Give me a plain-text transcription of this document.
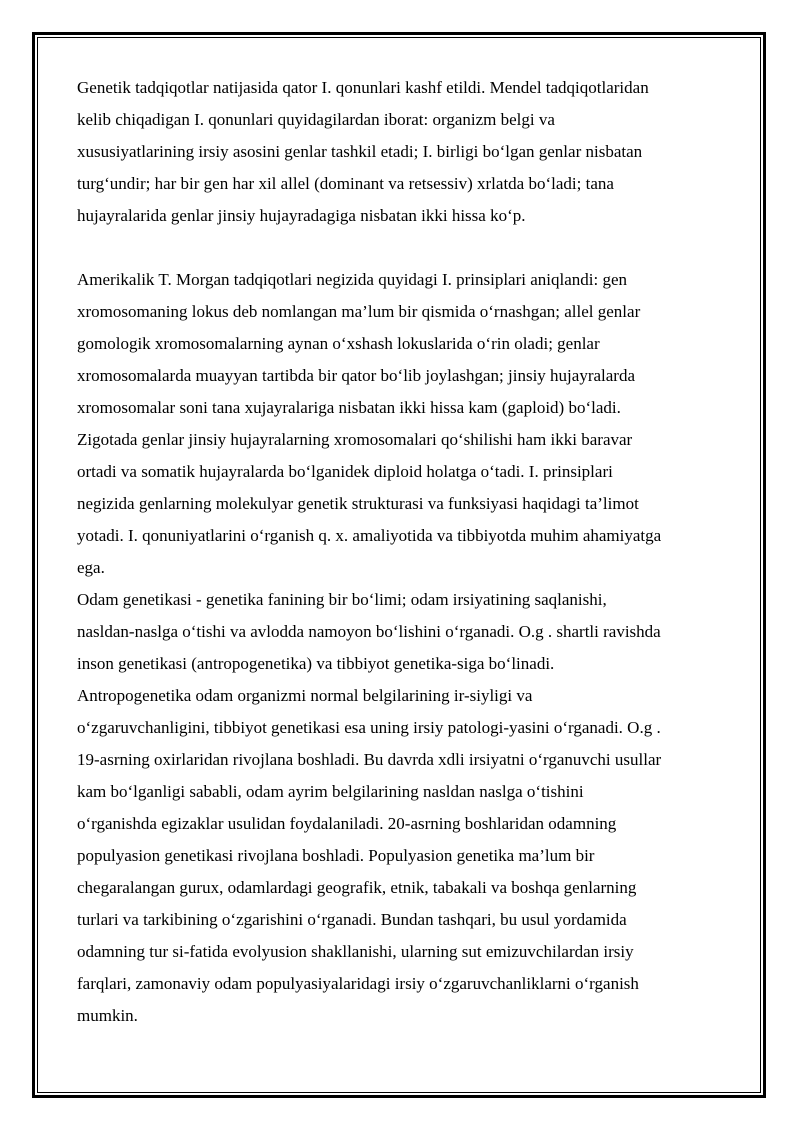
Genetik tadqiqotlar natijasida qator I. qonunlari kashf etildi. Mendel tadqiqotlaridan
kelib chiqadigan I. qonunlari quyidagilardan iborat: organizm belgi va
xususiyatlarining irsiy asosini genlar tashkil etadi; I. birligi bo‘lgan genlar nisbatan
turg‘undir; har bir gen har xil allel (dominant va retsessiv) xrlatda bo‘ladi; tana
hujayralarida genlar jinsiy hujayradagiga nisbatan ikki hissa ko‘p.

Amerikalik T. Morgan tadqiqotlari negizida quyidagi I. prinsiplari aniqlandi: gen
xromosomaning lokus deb nomlangan ma’lum bir qismida o‘rnashgan; allel genlar
gomologik xromosomalarning aynan o‘xshash lokuslarida o‘rin oladi; genlar
xromosomalarda muayyan tartibda bir qator bo‘lib joylashgan; jinsiy hujayralarda
xromosomalar soni tana xujayralariga nisbatan ikki hissa kam (gaploid) bo‘ladi.
Zigotada genlar jinsiy hujayralarning xromosomalari qo‘shilishi ham ikki baravar
ortadi va somatik hujayralarda bo‘lganidek diploid holatga o‘tadi. I. prinsiplari
negizida genlarning molekulyar genetik strukturasi va funksiyasi haqidagi ta’limot
yotadi. I. qonuniyatlarini o‘rganish q. x. amaliyotida va tibbiyotda muhim ahamiyatga
ega.

Odam genetikasi - genetika fanining bir bo‘limi; odam irsiyatining saqlanishi,
nasldan-naslga o‘tishi va avlodda namoyon bo‘lishini o‘rganadi. O.g . shartli ravishda
inson genetikasi (antropogenetika) va tibbiyot genetika-siga bo‘linadi.
Antropogenetika odam organizmi normal belgilarining ir-siyligi va
o‘zgaruvchanligini, tibbiyot genetikasi esa uning irsiy patologi-yasini o‘rganadi. O.g .
19-asrning oxirlaridan rivojlana boshladi. Bu davrda xdli irsiyatni o‘rganuvchi usullar
kam bo‘lganligi sababli, odam ayrim belgilarining nasldan naslga o‘tishini
o‘rganishda egizaklar usulidan foydalaniladi. 20-asrning boshlaridan odamning
populyasion genetikasi rivojlana boshladi. Populyasion genetika ma’lum bir
chegaralangan gurux, odamlardagi geografik, etnik, tabakali va boshqa genlarning
turlari va tarkibining o‘zgarishini o‘rganadi. Bundan tashqari, bu usul yordamida
odamning tur si-fatida evolyusion shakllanishi, ularning sut emizuvchilardan irsiy
farqlari, zamonaviy odam populyasiyalaridagi irsiy o‘zgaruvchanliklarni o‘rganish
mumkin.
